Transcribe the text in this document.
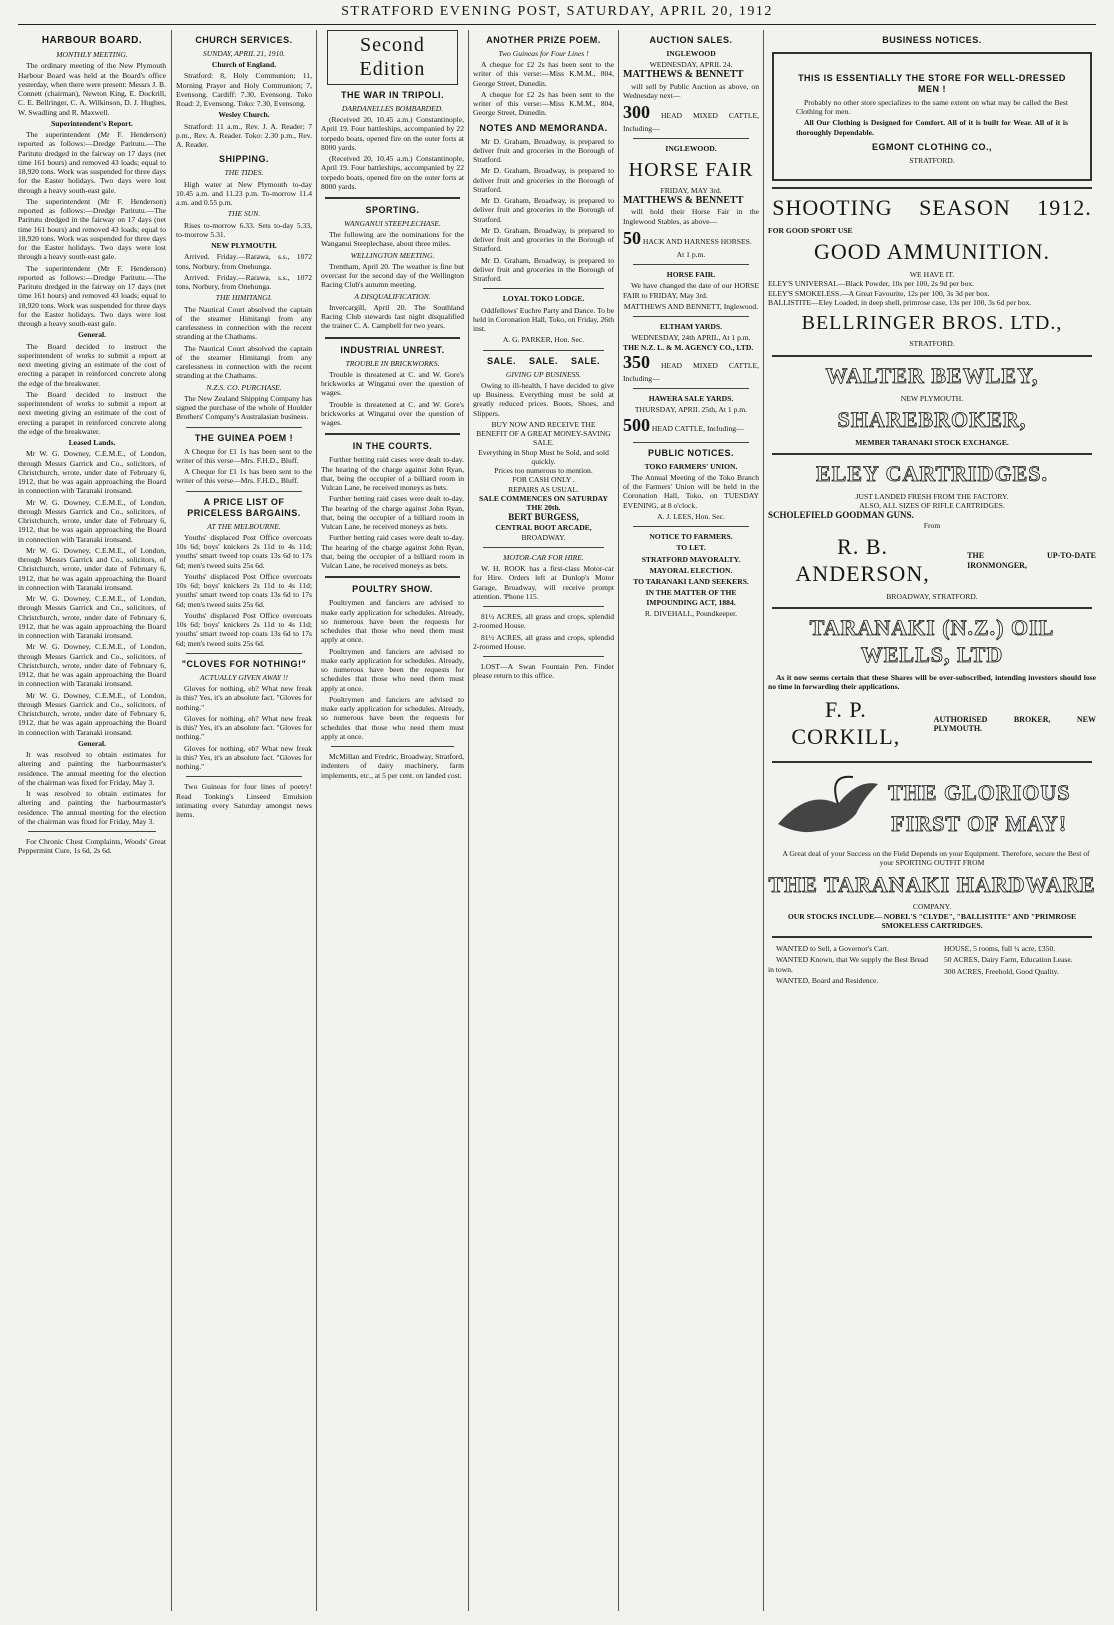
STRATFORD EVENING POST, SATURDAY, APRIL 20, 1912
HARBOUR BOARD.
MONTHLY MEETING.

The ordinary meeting of the New Plymouth Harbour Board was held at the Board's office yesterday, when there were present: Messrs J. B. Connett (chairman), Newton King, E. Dockrill, C. E. Bellringer, C. A. Wilkinson, D. J. Hughes, W. Swadling and R. Maxwell.

Superintendent's Report.

The superintendent (Mr F. Henderson) reported as follows:—Dredge Paritutu.—The Paritutu dredged in the fairway on 17 days (net time 161 hours) and removed 43 loads; equal to 18,920 tons. Work was suspended for three days for the Easter holidays. Two days were lost through a heavy south-east gale.

The superintendent (Mr F. Henderson) reported as follows:—Dredge Paritutu.—The Paritutu dredged in the fairway on 17 days (net time 161 hours) and removed 43 loads; equal to 18,920 tons. Work was suspended for three days for the Easter holidays. Two days were lost through a heavy south-east gale.

The superintendent (Mr F. Henderson) reported as follows:—Dredge Paritutu.—The Paritutu dredged in the fairway on 17 days (net time 161 hours) and removed 43 loads; equal to 18,920 tons. Work was suspended for three days for the Easter holidays. Two days were lost through a heavy south-east gale.

General.

The Board decided to instruct the superintendent of works to submit a report at next meeting giving an estimate of the cost of erecting a parapet in reinforced concrete along the edge of the breakwater.

The Board decided to instruct the superintendent of works to submit a report at next meeting giving an estimate of the cost of erecting a parapet in reinforced concrete along the edge of the breakwater.

Leased Lands.

Mr W. G. Downey, C.E.M.E., of London, through Messrs Garrick and Co., solicitors, of Christchurch, wrote, under date of February 6, 1912, that he was again approaching the Board in connection with Taranaki ironsand.

Mr W. G. Downey, C.E.M.E., of London, through Messrs Garrick and Co., solicitors, of Christchurch, wrote, under date of February 6, 1912, that he was again approaching the Board in connection with Taranaki ironsand.

Mr W. G. Downey, C.E.M.E., of London, through Messrs Garrick and Co., solicitors, of Christchurch, wrote, under date of February 6, 1912, that he was again approaching the Board in connection with Taranaki ironsand.

Mr W. G. Downey, C.E.M.E., of London, through Messrs Garrick and Co., solicitors, of Christchurch, wrote, under date of February 6, 1912, that he was again approaching the Board in connection with Taranaki ironsand.

Mr W. G. Downey, C.E.M.E., of London, through Messrs Garrick and Co., solicitors, of Christchurch, wrote, under date of February 6, 1912, that he was again approaching the Board in connection with Taranaki ironsand.

Mr W. G. Downey, C.E.M.E., of London, through Messrs Garrick and Co., solicitors, of Christchurch, wrote, under date of February 6, 1912, that he was again approaching the Board in connection with Taranaki ironsand.

General.

It was resolved to obtain estimates for altering and painting the harbourmaster's residence. The annual meeting for the election of the chairman was fixed for Friday, May 3.

It was resolved to obtain estimates for altering and painting the harbourmaster's residence. The annual meeting for the election of the chairman was fixed for Friday, May 3.

For Chronic Chest Complaints, Woods' Great Peppermint Cure, 1s 6d, 2s 6d.

CHURCH SERVICES.
SUNDAY, APRIL 21, 1910.
Church of England.

Stratford: 8, Holy Communion; 11, Morning Prayer and Holy Communion; 7, Evensong. Cardiff: 7.30, Evensong. Toko Road: 2, Evensong. Toko: 7.30, Evensong.

Wesley Church.

Stratford: 11 a.m., Rev. J. A. Reader; 7 p.m., Rev. A. Reader. Toko: 2.30 p.m., Rev. A. Reader.

SHIPPING.
THE TIDES.

High water at New Plymouth to-day 10.45 a.m. and 11.23 p.m. To-morrow 11.4 a.m. and 0.55 p.m.

THE SUN.

Rises to-morrow 6.33. Sets to-day 5.33, to-morrow 5.31.

NEW PLYMOUTH.

Arrived. Friday.—Rarawa, s.s., 1072 tons, Norbury, from Onehunga.

Arrived. Friday.—Rarawa, s.s., 1072 tons, Norbury, from Onehunga.

THE HIMITANGI.

The Nautical Court absolved the captain of the steamer Himitangi from any carelessness in connection with the recent stranding at the Chathams.

The Nautical Court absolved the captain of the steamer Himitangi from any carelessness in connection with the recent stranding at the Chathams.

N.Z.S. CO. PURCHASE.

The New Zealand Shipping Company has signed the purchase of the whole of Houlder Brothers' Company's Australasian business.

THE GUINEA POEM !

A Cheque for £1 1s has been sent to the writer of this verse—Mrs. F.H.D., Bluff.

A Cheque for £1 1s has been sent to the writer of this verse—Mrs. F.H.D., Bluff.

A PRICE LIST OF PRICELESS BARGAINS.
AT THE MELBOURNE.

Youths' displaced Post Office overcoats 10s 6d; boys' knickers 2s 11d to 4s 11d; youths' smart tweed top coats 13s 6d to 17s 6d; men's tweed suits 25s 6d.

Youths' displaced Post Office overcoats 10s 6d; boys' knickers 2s 11d to 4s 11d; youths' smart tweed top coats 13s 6d to 17s 6d; men's tweed suits 25s 6d.

Youths' displaced Post Office overcoats 10s 6d; boys' knickers 2s 11d to 4s 11d; youths' smart tweed top coats 13s 6d to 17s 6d; men's tweed suits 25s 6d.

"CLOVES FOR NOTHING!"
ACTUALLY GIVEN AWAY !!

Gloves for nothing, eh? What new freak is this? Yes, it's an absolute fact. "Gloves for nothing."

Gloves for nothing, eh? What new freak is this? Yes, it's an absolute fact. "Gloves for nothing."

Gloves for nothing, eh? What new freak is this? Yes, it's an absolute fact. "Gloves for nothing."

Two Guineas for four lines of poetry! Read Tonking's Linseed Emulsion intimating every Saturday amongst news items.

Second Edition
THE WAR IN TRIPOLI.
DARDANELLES BOMBARDED.

(Received 20, 10.45 a.m.) Constantinople, April 19. Four battleships, accompanied by 22 torpedo boats, opened fire on the outer forts at 8000 yards.

(Received 20, 10.45 a.m.) Constantinople, April 19. Four battleships, accompanied by 22 torpedo boats, opened fire on the outer forts at 8000 yards.

SPORTING.
WANGANUI STEEPLECHASE.

The following are the nominations for the Wanganui Steeplechase, about three miles.

WELLINGTON MEETING.

Trentham, April 20. The weather is fine but overcast for the second day of the Wellington Racing Club's autumn meeting.

A DISQUALIFICATION.

Invercargill, April 20. The Southland Racing Club stewards last night disqualified the trainer C. A. Campbell for two years.

INDUSTRIAL UNREST.
TROUBLE IN BRICKWORKS.

Trouble is threatened at C. and W. Gore's brickworks at Wingatui over the question of wages.

Trouble is threatened at C. and W. Gore's brickworks at Wingatui over the question of wages.

IN THE COURTS.

Further betting raid cases were dealt to-day. The hearing of the charge against John Ryan, that, being the occupier of a billiard room in Vulcan Lane, he received moneys as bets.

Further betting raid cases were dealt to-day. The hearing of the charge against John Ryan, that, being the occupier of a billiard room in Vulcan Lane, he received moneys as bets.

Further betting raid cases were dealt to-day. The hearing of the charge against John Ryan, that, being the occupier of a billiard room in Vulcan Lane, he received moneys as bets.

POULTRY SHOW.

Poultrymen and fanciers are advised to make early application for schedules. Already, so numerous have been the requests for schedules that those who need them must apply at once.

Poultrymen and fanciers are advised to make early application for schedules. Already, so numerous have been the requests for schedules that those who need them must apply at once.

Poultrymen and fanciers are advised to make early application for schedules. Already, so numerous have been the requests for schedules that those who need them must apply at once.

McMillan and Fredric, Broadway, Stratford, indenters of dairy machinery, farm implements, etc., at 5 per cent. on landed cost.

ANOTHER PRIZE POEM.
Two Guineas for Four Lines !

A cheque for £2 2s has been sent to the writer of this verse:—Miss K.M.M., 804, George Street, Dunedin.

A cheque for £2 2s has been sent to the writer of this verse:—Miss K.M.M., 804, George Street, Dunedin.

NOTES AND MEMORANDA.

Mr D. Graham, Broadway, is prepared to deliver fruit and groceries in the Borough of Stratford.

Mr D. Graham, Broadway, is prepared to deliver fruit and groceries in the Borough of Stratford.

Mr D. Graham, Broadway, is prepared to deliver fruit and groceries in the Borough of Stratford.

Mr D. Graham, Broadway, is prepared to deliver fruit and groceries in the Borough of Stratford.

Mr D. Graham, Broadway, is prepared to deliver fruit and groceries in the Borough of Stratford.

LOYAL TOKO LODGE.

Oddfellows' Euchre Party and Dance. To be held in Coronation Hall, Toko, on Friday, 26th inst.

A. G. PARKER, Hon. Sec.
SALE. SALE. SALE.
GIVING UP BUSINESS.

Owing to ill-health, I have decided to give up Business. Everything must be sold at greatly reduced prices. Boots, Shoes, and Slippers.

BUY NOW AND RECEIVE THE
BENEFIT OF A GREAT MONEY-SAVING SALE.
Everything in Shop Must be Sold, and sold quickly.
Prices too numerous to mention.
FOR CASH ONLY .
REPAIRS AS USUAL.
SALE COMMENCES ON SATURDAY THE 20th.
BERT BURGESS,
CENTRAL BOOT ARCADE,
BROADWAY.
MOTOR-CAR FOR HIRE.

W. H. ROOK has a first-class Motor-car for Hire. Orders left at Dunlop's Motor Garage, Broadway, will receive prompt attention. 'Phone 115.

81½ ACRES, all grass and crops, splendid 2-roomed House.

81½ ACRES, all grass and crops, splendid 2-roomed House.

LOST—A Swan Fountain Pen. Finder please return to this office.

AUCTION SALES.
INGLEWOOD
WEDNESDAY, APRIL 24.
MATTHEWS & BENNETT

will sell by Public Auction as above, on Wednesday next—

300 HEAD MIXED CATTLE, Including—
INGLEWOOD.
HORSE FAIR
FRIDAY, MAY 3rd.
MATTHEWS & BENNETT

will hold their Horse Fair in the Inglewood Stables, as above—

50 HACK AND HARNESS HORSES.
At 1 p.m.
HORSE FAIR.

We have changed the date of our HORSE FAIR to FRIDAY, May 3rd.

MATTHEWS AND BENNETT, Inglewood.
ELTHAM YARDS.
WEDNESDAY, 24th APRIL, At 1 p.m.
THE N.Z. L. & M. AGENCY CO., LTD.
350 HEAD MIXED CATTLE, Including—
HAWERA SALE YARDS.
THURSDAY, APRIL 25th, At 1 p.m.
500 HEAD CATTLE, Including—
PUBLIC NOTICES.
TOKO FARMERS' UNION.

The Annual Meeting of the Toko Branch of the Farmers' Union will be held in the Coronation Hall, Toko, on TUESDAY EVENING, at 8 o'clock.

A. J. LEES, Hon. Sec.
NOTICE TO FARMERS.
TO LET.
STRATFORD MAYORALTY.
MAYORAL ELECTION.
TO TARANAKI LAND SEEKERS.
IN THE MATTER OF THE IMPOUNDING ACT, 1884.
R. DIVEHALL, Poundkeeper.
BUSINESS NOTICES.
THIS IS ESSENTIALLY THE STORE FOR WELL-DRESSED MEN !

Probably no other store specializes to the same extent on what may be called the Best Clothing for men.

All Our Clothing is Designed for Comfort. All of it is built for Wear. All of it is thoroughly Dependable.

EGMONT CLOTHING CO.,
STRATFORD.
SHOOTING SEASON 1912.
FOR GOOD SPORT USE
GOOD AMMUNITION.
WE HAVE IT.
ELEY'S UNIVERSAL—Black Powder, 10s per 100, 2s 9d per box.
ELEY'S SMOKELESS.—A Great Favourite, 12s per 100, 3s 3d per box.
BALLISTITE—Eley Loaded, in deep shell, primrose case, 13s per 100, 3s 6d per box.
BELLRINGER BROS. LTD.,
STRATFORD.
WALTER BEWLEY,
NEW PLYMOUTH.
SHAREBROKER,
MEMBER TARANAKI STOCK EXCHANGE.
ELEY CARTRIDGES.
JUST LANDED FRESH FROM THE FACTORY.
ALSO, ALL SIZES OF RIFLE CARTRIDGES.
SCHOLEFIELD GOODMAN GUNS.
From
R. B. ANDERSON,
THE UP-TO-DATE IRONMONGER,
BROADWAY, STRATFORD.
TARANAKI (N.Z.) OIL WELLS, LTD

As it now seems certain that these Shares will be over-subscribed, intending investors should lose no time in forwarding their applications.

F. P. CORKILL,
AUTHORISED BROKER, NEW PLYMOUTH.
THE GLORIOUS
FIRST OF MAY!

A Great deal of your Success on the Field Depends on your Equipment. Therefore, secure the Best of your SPORTING OUTFIT FROM

THE TARANAKI HARDWARE
COMPANY.
OUR STOCKS INCLUDE— NOBEL'S "CLYDE", "BALLISTITE" AND "PRIMROSE SMOKELESS CARTRIDGES.

WANTED to Sell, a Governor's Cart.

WANTED Known, that We supply the Best Bread in town.

WANTED, Board and Residence.

HOUSE, 5 rooms, full ¼ acre, £350.

50 ACRES, Dairy Farm, Education Lease.

300 ACRES, Freehold, Good Quality.
